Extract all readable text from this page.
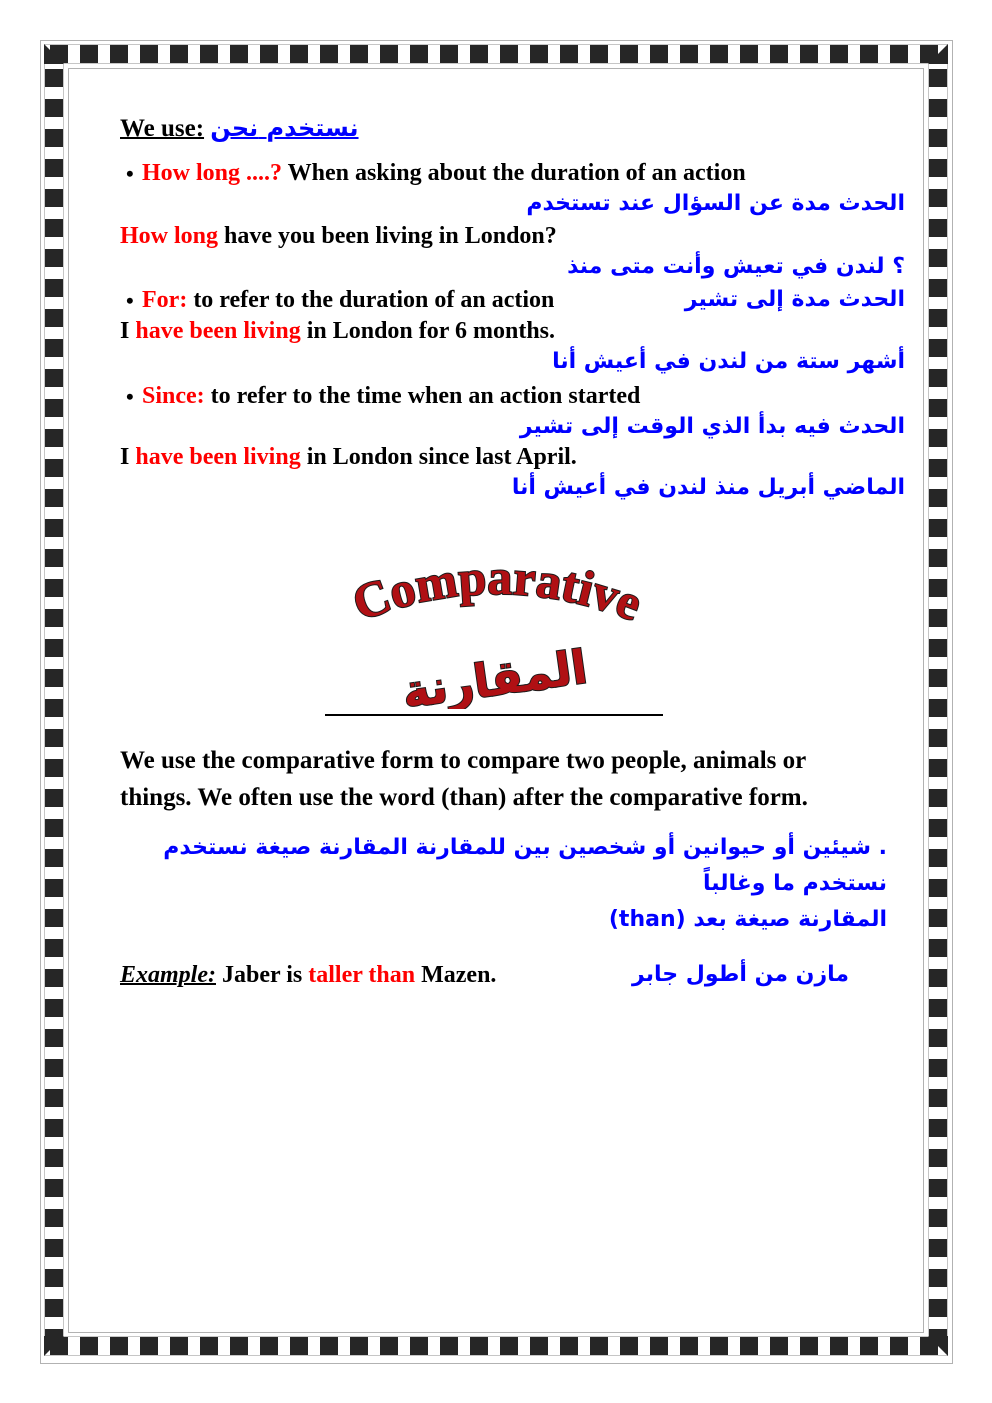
We use: نحن نستخدم
• How long ....? When asking about the duration of an action
تستخدم عند السؤال عن مدة الحدث
How long have you been living in London?
منذ متى وأنت تعيش في لندن ؟
• For: to refer to the duration of an action	تشير إلى مدة الحدث
I have been living in London for 6 months.
أنا أعيش في لندن من ستة أشهر
• Since: to refer to the time when an action started
تشير إلى الوقت الذي بدأ فيه الحدث
I have been living in London since last April.
أنا أعيش في لندن منذ أبريل الماضي
Comparative
المقارنة
We use the comparative form to compare two people, animals or
things. We often use the word (than) after the comparative form.
نستخدم صيغة المقارنة للمقارنة بين شخصين أو حيوانين أو شيئين . وغالباً ما نستخدم
(than) بعد صيغة المقارنة
Example: Jaber is taller than Mazen.	جابر أطول من مازن
